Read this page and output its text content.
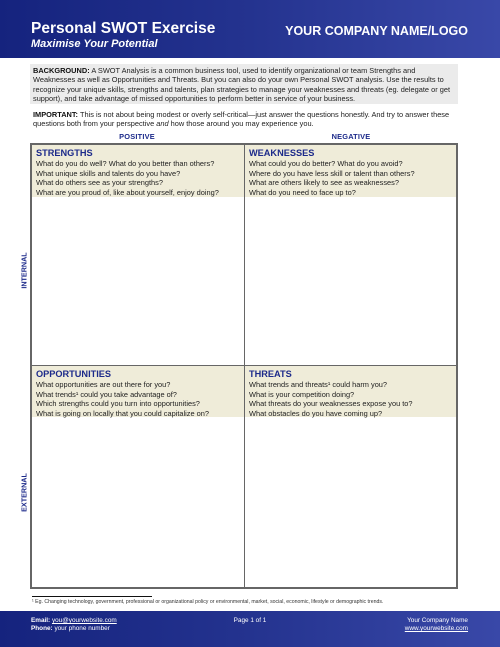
Personal SWOT Exercise
Maximise Your Potential
YOUR COMPANY NAME/LOGO
BACKGROUND: A SWOT Analysis is a common business tool, used to identify organizational or team Strengths and Weaknesses as well as Opportunities and Threats. But you can also do your own Personal SWOT analysis. Use the results to recognize your unique skills, strengths and talents, plan strategies to manage your weaknesses and threats (eg. delegate or get support), and take advantage of missed opportunities to perform better in service of your business.
IMPORTANT: This is not about being modest or overly self-critical—just answer the questions honestly. And try to answer these questions both from your perspective and how those around you may experience you.
POSITIVE	NEGATIVE
INTERNAL
EXTERNAL
STRENGTHS
What do you do well? What do you better than others?
What unique skills and talents do you have?
What do others see as your strengths?
What are you proud of, like about yourself, enjoy doing?
WEAKNESSES
What could you do better? What do you avoid?
Where do you have less skill or talent than others?
What are others likely to see as weaknesses?
What do you need to face up to?
OPPORTUNITIES
What opportunities are out there for you?
What trends¹ could you take advantage of?
Which strengths could you turn into opportunities?
What is going on locally that you could capitalize on?
THREATS
What trends and threats¹ could harm you?
What is your competition doing?
What threats do your weaknesses expose you to?
What obstacles do you have coming up?
¹ Eg. Changing technology, government, professional or organizational policy or environmental, market, social, economic, lifestyle or demographic trends.
Email: you@yourwebsite.com
Phone: your phone number
Page 1 of 1	Your Company Name
www.yourwebsite.com
